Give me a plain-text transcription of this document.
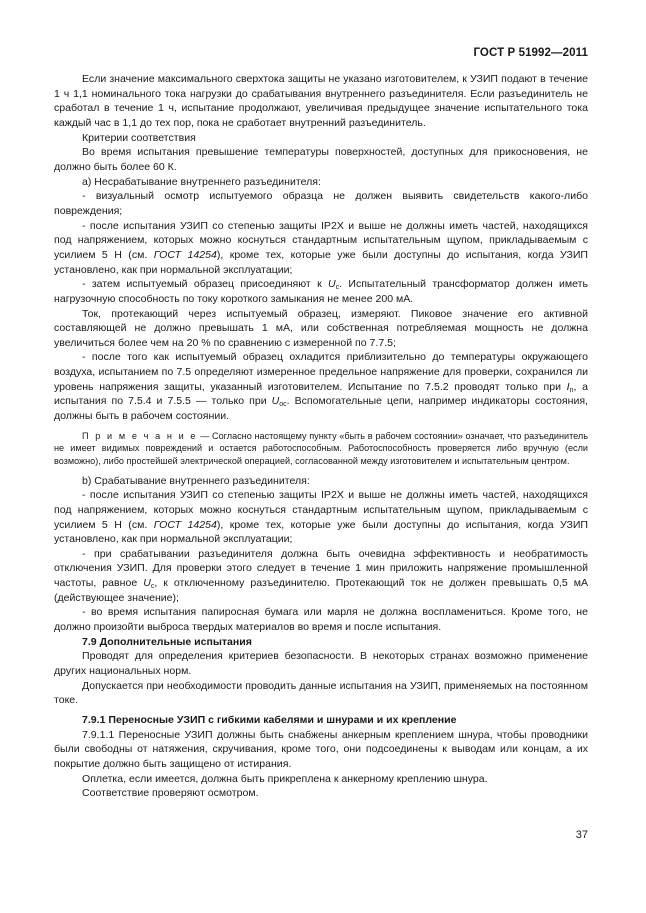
ГОСТ Р 51992—2011

Если значение максимального сверхтока защиты не указано изготовителем, к УЗИП подают в течение 1 ч 1,1 номинального тока нагрузки до срабатывания внутреннего разъединителя. Если разъединитель не сработал в течение 1 ч, испытание продолжают, увеличивая предыдущее значение испытательного тока каждый час в 1,1 до тех пор, пока не сработает внутренний разъединитель.

Критерии соответствия

Во время испытания превышение температуры поверхностей, доступных для прикосновения, не должно быть более 60 К.

а) Несрабатывание внутреннего разъединителя:

- визуальный осмотр испытуемого образца не должен выявить свидетельств какого-либо повреждения;

- после испытания УЗИП со степенью защиты IP2X и выше не должны иметь частей, находящихся под напряжением, которых можно коснуться стандартным испытательным щупом, прикладываемым с усилием 5 Н (см. ГОСТ 14254), кроме тех, которые уже были доступны до испытания, когда УЗИП установлено, как при нормальной эксплуатации;

- затем испытуемый образец присоединяют к $U_c$. Испытательный трансформатор должен иметь нагрузочную способность по току короткого замыкания не менее 200 мА.

Ток, протекающий через испытуемый образец, измеряют. Пиковое значение его активной составляющей не должно превышать 1 мА, или собственная потребляемая мощность не должна увеличиться более чем на 20 % по сравнению с измеренной по 7.7.5;

- после того как испытуемый образец охладится приблизительно до температуры окружающего воздуха, испытанием по 7.5 определяют измеренное предельное напряжение для проверки, сохранился ли уровень напряжения защиты, указанный изготовителем. Испытание по 7.5.2 проводят только при $I_n$, а испытания по 7.5.4 и 7.5.5 — только при $U_{oc}$. Вспомогательные цепи, например индикаторы состояния, должны быть в рабочем состоянии.

П р и м е ч а н и е — Согласно настоящему пункту «быть в рабочем состоянии» означает, что разъединитель не имеет видимых повреждений и остается работоспособным. Работоспособность проверяется либо вручную (если возможно), либо простейшей электрической операцией, согласованной между изготовителем и испытательным центром.

b) Срабатывание внутреннего разъединителя:

- после испытания УЗИП со степенью защиты IP2X и выше не должны иметь частей, находящихся под напряжением, которых можно коснуться стандартным испытательным щупом, прикладываемым с усилием 5 Н (см. ГОСТ 14254), кроме тех, которые уже были доступны до испытания, когда УЗИП установлено, как при нормальной эксплуатации;

- при срабатывании разъединителя должна быть очевидна эффективность и необратимость отключения УЗИП. Для проверки этого следует в течение 1 мин приложить напряжение промышленной частоты, равное $U_c$, к отключенному разъединителю. Протекающий ток не должен превышать 0,5 мА (действующее значение);

- во время испытания папиросная бумага или марля не должна воспламениться. Кроме того, не должно произойти выброса твердых материалов во время и после испытания.

7.9 Дополнительные испытания

Проводят для определения критериев безопасности. В некоторых странах возможно применение других национальных норм.

Допускается при необходимости проводить данные испытания на УЗИП, применяемых на постоянном токе.

7.9.1 Переносные УЗИП с гибкими кабелями и шнурами и их крепление

7.9.1.1 Переносные УЗИП должны быть снабжены анкерным креплением шнура, чтобы проводники были свободны от натяжения, скручивания, кроме того, они подсоединены к выводам или концам, а их покрытие должно быть защищено от истирания.

Оплетка, если имеется, должна быть прикреплена к анкерному креплению шнура.

Соответствие проверяют осмотром.

37
